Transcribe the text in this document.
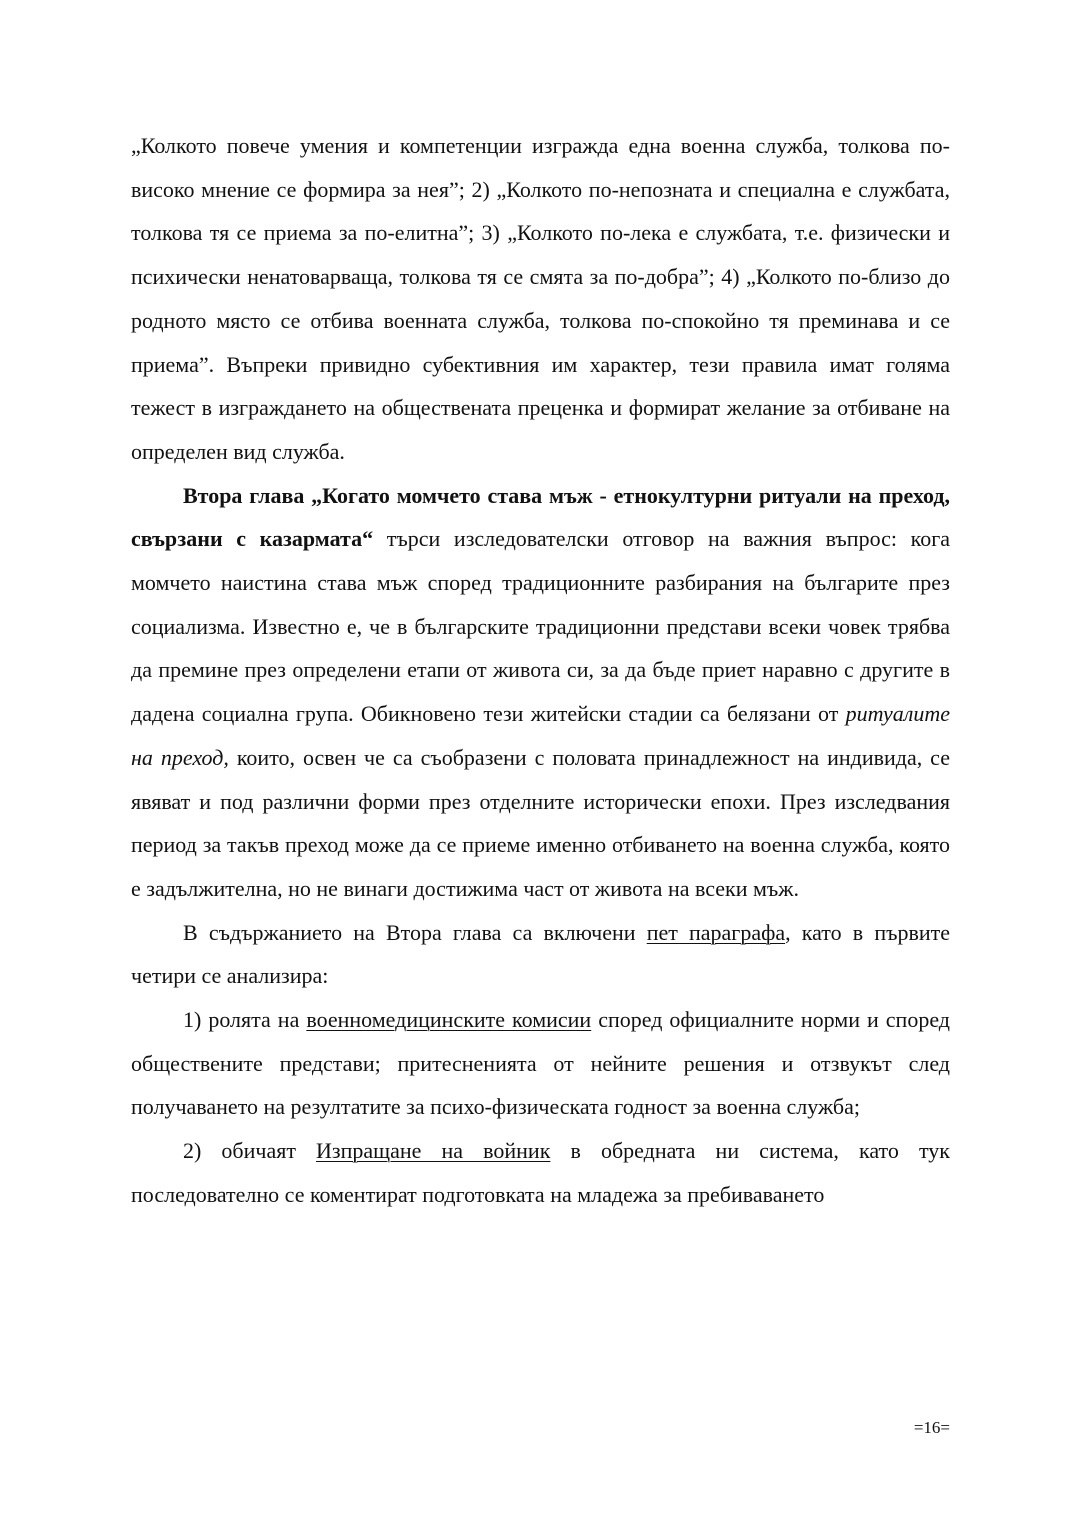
„Колкото повече умения и компетенции изгражда една военна служба, толкова по-високо мнение се формира за нея”; 2) „Колкото по-непозната и специална е службата, толкова тя се приема за по-елитна”; 3) „Колкото по-лека е службата, т.е. физически и психически ненатоварваща, толкова тя се смята за по-добра”; 4) „Колкото по-близо до родното място се отбива военната служба, толкова по-спокойно тя преминава и се приема”. Въпреки привидно субективния им характер, тези правила имат голяма тежест в изграждането на обществената преценка и формират желание за отбиване на определен вид служба.

Втора глава „Когато момчето става мъж - етнокултурни ритуали на преход, свързани с казармата“ търси изследователски отговор на важния въпрос: кога момчето наистина става мъж според традиционните разбирания на българите през социализма. Известно е, че в българските традиционни представи всеки човек трябва да премине през определени етапи от живота си, за да бъде приет наравно с другите в дадена социална група. Обикновено тези житейски стадии са белязани от ритуалите на преход, които, освен че са съобразени с половата принадлежност на индивида, се явяват и под различни форми през отделните исторически епохи. През изследвания период за такъв преход може да се приеме именно отбиването на военна служба, която е задължителна, но не винаги достижима част от живота на всеки мъж.

В съдържанието на Втора глава са включени пет параграфа, като в първите четири се анализира:

1) ролята на военномедицинските комисии според официалните норми и според обществените представи; притесненията от нейните решения и отзвукът след получаването на резултатите за психо-физическата годност за военна служба;

2) обичаят Изпращане на войник в обредната ни система, като тук последователно се коментират подготовката на младежа за пребиваването

=16=
